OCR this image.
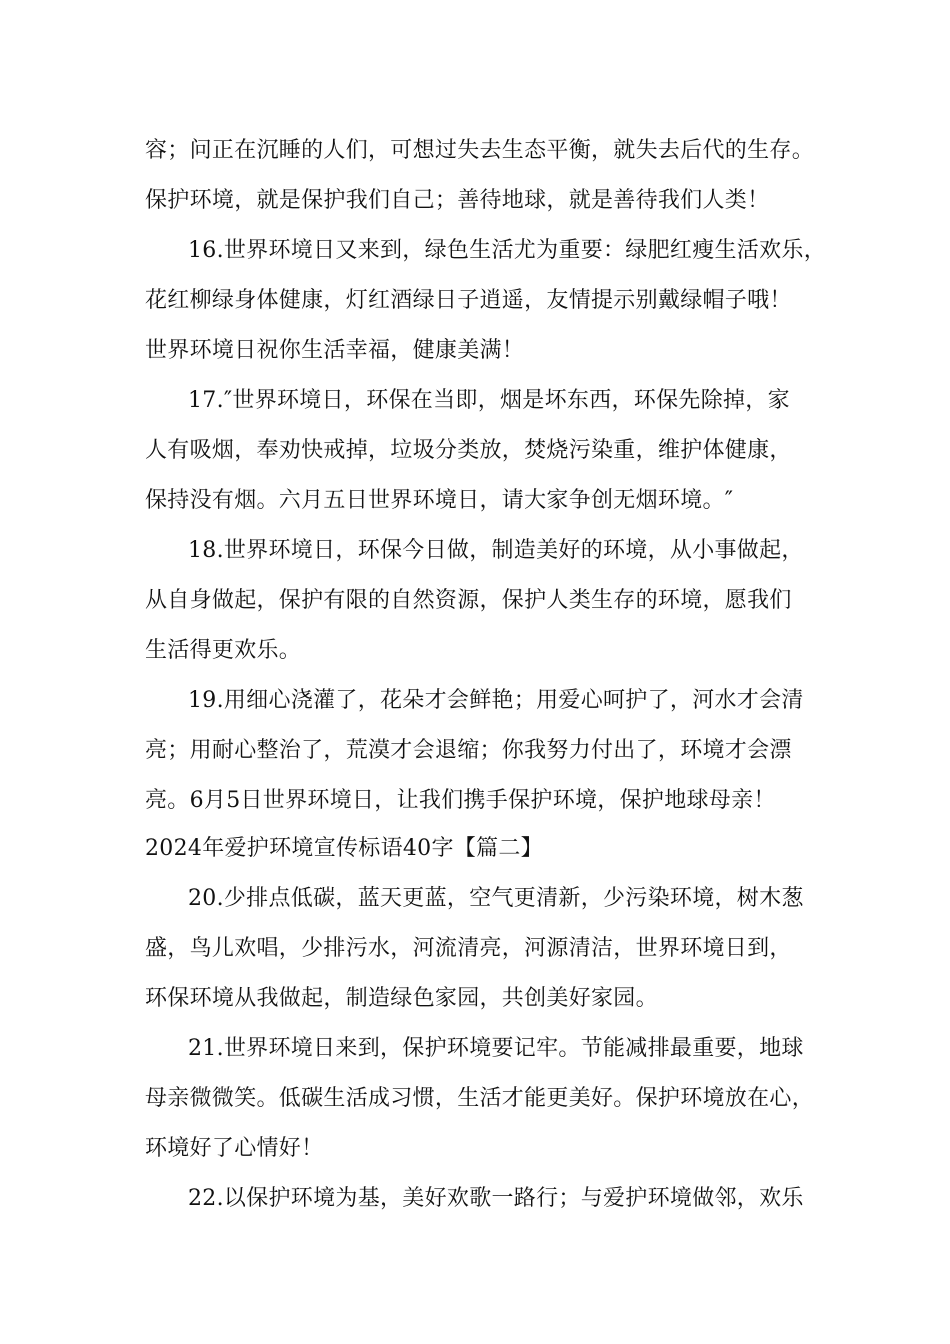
容；问正在沉睡的人们，可想过失去生态平衡，就失去后代的生存。
保护环境，就是保护我们自己；善待地球，就是善待我们人类！
16.世界环境日又来到，绿色生活尤为重要：绿肥红瘦生活欢乐，
花红柳绿身体健康，灯红酒绿日子逍遥，友情提示别戴绿帽子哦！
世界环境日祝你生活幸福，健康美满！
17.″世界环境日，环保在当即，烟是坏东西，环保先除掉，家
人有吸烟，奉劝快戒掉，垃圾分类放，焚烧污染重，维护体健康，
保持没有烟。六月五日世界环境日，请大家争创无烟环境。″
18.世界环境日，环保今日做，制造美好的环境，从小事做起，
从自身做起，保护有限的自然资源，保护人类生存的环境，愿我们
生活得更欢乐。
19.用细心浇灌了，花朵才会鲜艳；用爱心呵护了，河水才会清
亮；用耐心整治了，荒漠才会退缩；你我努力付出了，环境才会漂
亮。6月5日世界环境日，让我们携手保护环境，保护地球母亲！
2024年爱护环境宣传标语40字【篇二】
20.少排点低碳，蓝天更蓝，空气更清新，少污染环境，树木葱
盛，鸟儿欢唱，少排污水，河流清亮，河源清洁，世界环境日到，
环保环境从我做起，制造绿色家园，共创美好家园。
21.世界环境日来到，保护环境要记牢。节能减排最重要，地球
母亲微微笑。低碳生活成习惯，生活才能更美好。保护环境放在心，
环境好了心情好！
22.以保护环境为基，美好欢歌一路行；与爱护环境做邻，欢乐
